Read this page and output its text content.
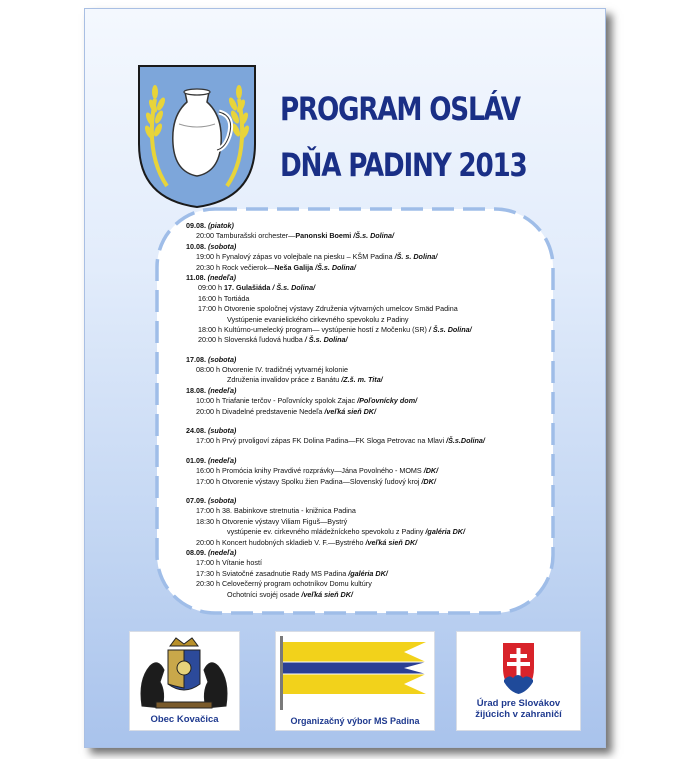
PROGRAM OSLÁV
DŇA PADINY 2013
09.08. (piatok)
20:00 Tamburašski orchester—Panonski Boemi /Š.s. Dolina/
10.08. (sobota)
19:00 h Fynalový zápas vo volejbale na piesku – KŠM Padina /Š. s. Dolina/
20:30 h Rock večierok—Neša Galija /Š.s. Dolina/
11.08. (nedeľa)
09:00 h 17. Gulašiáda / Š.s. Dolina/
16:00 h Tortiáda
17:00 h Otvorenie spoločnej výstavy Združenia výtvarných umelcov Smäd Padina
Vystúpenie evanielického cirkevného spevokolu z Padiny
18:00 h Kultúrno-umelecký program— vystúpenie hostí z Močenku (SR) / Š.s. Dolina/
20:00 h Slovenská ľudová hudba / Š.s. Dolina/
17.08. (sobota)
08:00 h Otvorenie IV. tradičnéj vytvarnéj kolonie
Združenia invalidov práce z Banátu /Z.š. m. Tita/
18.08. (nedeľa)
10:00 h Triafanie terčov - Poľovnícky spolok Zajac /Poľovnícky dom/
20:00 h Divadelné predstavenie Nedeľa /veľká sieň DK/
24.08. (subota)
17:00 h Prvý prvoligoví zápas FK Dolina Padina—FK Sloga Petrovac na Mlavi /Š.s.Dolina/
01.09. (nedeľa)
16:00 h Promócia knihy Pravdivé rozprávky—Jána Povolného - MOMS /DK/
17:00 h Otvorenie výstavy Spolku žien Padina—Slovenský ľudový kroj /DK/
07.09. (sobota)
17:00 h 38. Babinkove stretnutia - knižnica Padina
18:30 h Otvorenie výstavy Viliam Figuš—Bystrý
vystúpenie ev. cirkevného mládežníckeho spevokolu z Padiny /galéria DK/
20:00 h Koncert hudobných skladieb V. F.—Bystrého /veľká sieň DK/
08.09. (nedeľa)
17:00 h Vítanie hostí
17:30 h Sviatočné zasadnutie Rady MS Padina /galéria DK/
20:30 h Celovečerný program ochotníkov Domu kultúry
Ochotníci svojéj osade /veľká sieň DK/
Obec Kovačica	Organizačný výbor MS Padina
Úrad pre Slovákov
žijúcich v zahraničí
